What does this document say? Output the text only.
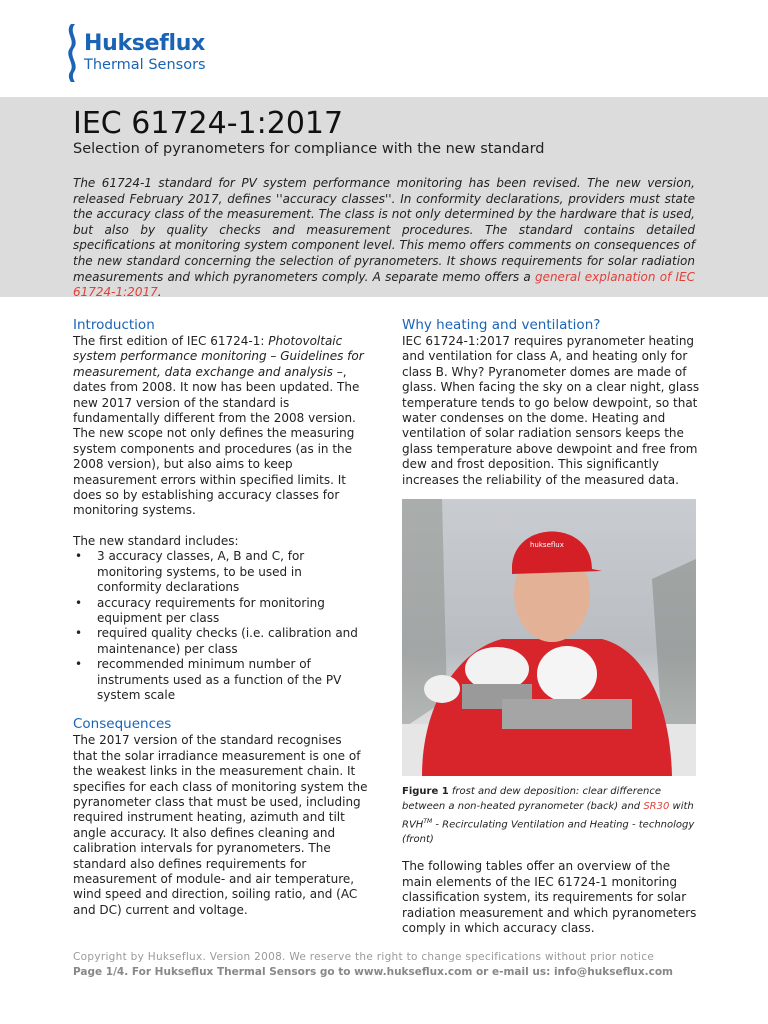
Hukseflux
Thermal Sensors
IEC 61724-1:2017
Selection of pyranometers for compliance with the new standard
The 61724-1 standard for PV system performance monitoring has been revised. The new version, released February 2017, defines ''accuracy classes''. In conformity declarations, providers must state the accuracy class of the measurement. The class is not only determined by the hardware that is used, but also by quality checks and measurement procedures. The standard contains detailed specifications at monitoring system component level. This memo offers comments on consequences of the new standard concerning the selection of pyranometers. It shows requirements for solar radiation measurements and which pyranometers comply. A separate memo offers a general explanation of IEC 61724-1:2017.
Introduction

The first edition of IEC 61724-1: Photovoltaic system performance monitoring – Guidelines for measurement, data exchange and analysis –, dates from 2008. It now has been updated. The new 2017 version of the standard is fundamentally different from the 2008 version. The new scope not only defines the measuring system components and procedures (as in the 2008 version), but also aims to keep measurement errors within specified limits. It does so by establishing accuracy classes for monitoring systems.

The new standard includes:
• 3 accuracy classes, A, B and C, for monitoring systems, to be used in conformity declarations
• accuracy requirements for monitoring equipment per class
• required quality checks (i.e. calibration and maintenance) per class
• recommended minimum number of instruments used as a function of the PV system scale
Consequences

The 2017 version of the standard recognises that the solar irradiance measurement is one of the weakest links in the measurement chain. It specifies for each class of monitoring system the pyranometer class that must be used, including required instrument heating, azimuth and tilt angle accuracy. It also defines cleaning and calibration intervals for pyranometers. The standard also defines requirements for measurement of module- and air temperature, wind speed and direction, soiling ratio, and (AC and DC) current and voltage.

Why heating and ventilation?
IEC 61724-1:2017 requires pyranometer heating and ventilation for class A, and heating only for class B. Why? Pyranometer domes are made of glass. When facing the sky on a clear night, glass temperature tends to go below dewpoint, so that water condenses on the dome. Heating and ventilation of solar radiation sensors keeps the glass temperature above dewpoint and free from dew and frost deposition. This significantly increases the reliability of the measured data.
hukseflux
Figure 1 frost and dew deposition: clear difference between a non-heated pyranometer (back) and SR30 with RVH™ - Recirculating Ventilation and Heating - technology (front)
The following tables offer an overview of the main elements of the IEC 61724-1 monitoring classification system, its requirements for solar radiation measurement and which pyranometers comply in which accuracy class.
Copyright by Hukseflux. Version 2008. We reserve the right to change specifications without prior notice
Page 1/4. For Hukseflux Thermal Sensors go to www.hukseflux.com or e-mail us: info@hukseflux.com
